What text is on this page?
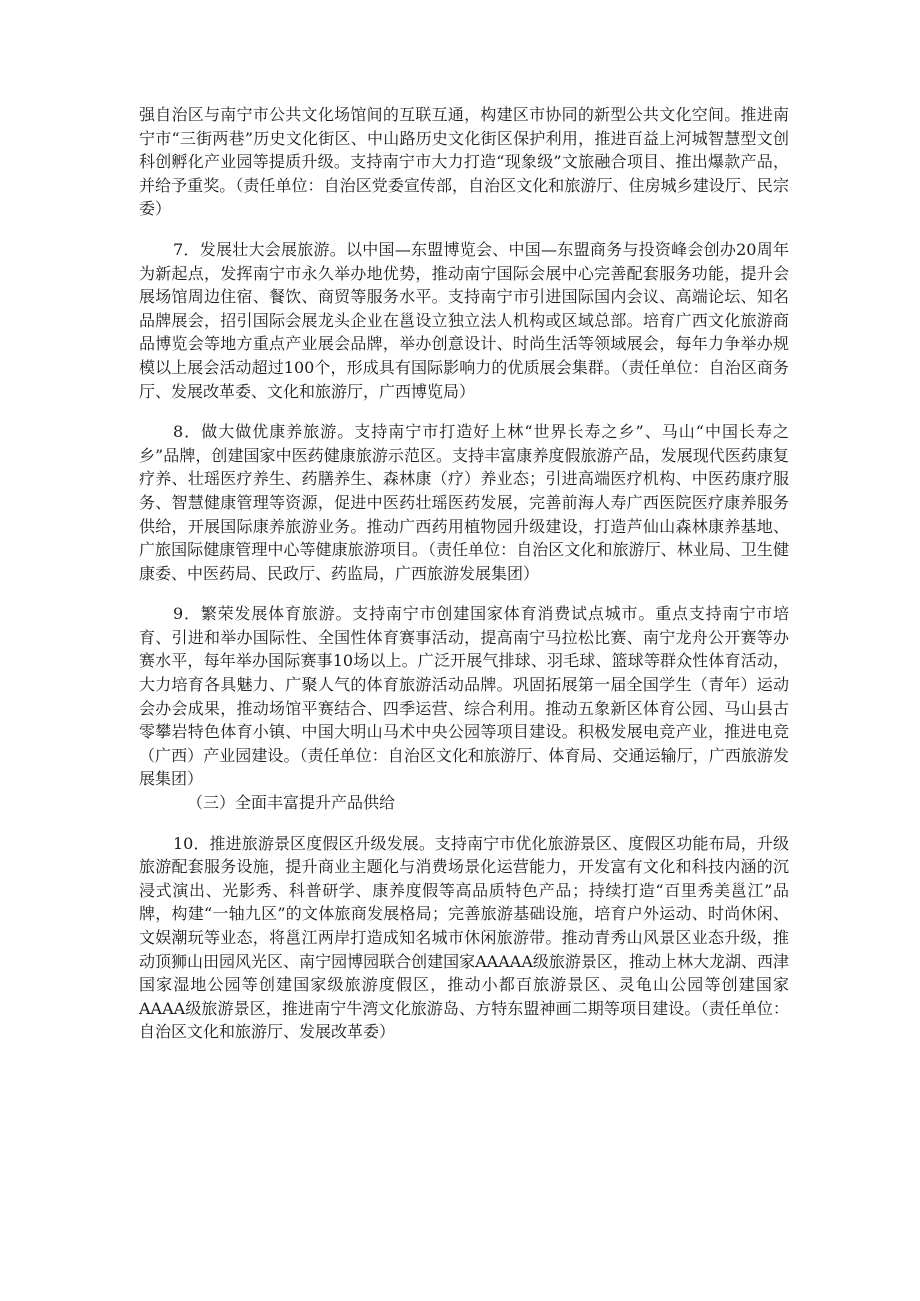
强自治区与南宁市公共文化场馆间的互联互通，构建区市协同的新型公共文化空间。推进南宁市“三街两巷”历史文化街区、中山路历史文化街区保护利用，推进百益上河城智慧型文创科创孵化产业园等提质升级。支持南宁市大力打造“现象级”文旅融合项目、推出爆款产品，并给予重奖。（责任单位：自治区党委宣传部，自治区文化和旅游厅、住房城乡建设厅、民宗委）

7．发展壮大会展旅游。以中国—东盟博览会、中国—东盟商务与投资峰会创办20周年为新起点，发挥南宁市永久举办地优势，推动南宁国际会展中心完善配套服务功能，提升会展场馆周边住宿、餐饮、商贸等服务水平。支持南宁市引进国际国内会议、高端论坛、知名品牌展会，招引国际会展龙头企业在邕设立独立法人机构或区域总部。培育广西文化旅游商品博览会等地方重点产业展会品牌，举办创意设计、时尚生活等领域展会，每年力争举办规模以上展会活动超过100个，形成具有国际影响力的优质展会集群。（责任单位：自治区商务厅、发展改革委、文化和旅游厅，广西博览局）

8．做大做优康养旅游。支持南宁市打造好上林“世界长寿之乡”、马山“中国长寿之乡”品牌，创建国家中医药健康旅游示范区。支持丰富康养度假旅游产品，发展现代医药康复疗养、壮瑶医疗养生、药膳养生、森林康（疗）养业态；引进高端医疗机构、中医药康疗服务、智慧健康管理等资源，促进中医药壮瑶医药发展，完善前海人寿广西医院医疗康养服务供给，开展国际康养旅游业务。推动广西药用植物园升级建设，打造芦仙山森林康养基地、广旅国际健康管理中心等健康旅游项目。（责任单位：自治区文化和旅游厅、林业局、卫生健康委、中医药局、民政厅、药监局，广西旅游发展集团）

9．繁荣发展体育旅游。支持南宁市创建国家体育消费试点城市。重点支持南宁市培育、引进和举办国际性、全国性体育赛事活动，提高南宁马拉松比赛、南宁龙舟公开赛等办赛水平，每年举办国际赛事10场以上。广泛开展气排球、羽毛球、篮球等群众性体育活动，大力培育各具魅力、广聚人气的体育旅游活动品牌。巩固拓展第一届全国学生（青年）运动会办会成果，推动场馆平赛结合、四季运营、综合利用。推动五象新区体育公园、马山县古零攀岩特色体育小镇、中国大明山马术中央公园等项目建设。积极发展电竞产业，推进电竞（广西）产业园建设。（责任单位：自治区文化和旅游厅、体育局、交通运输厅，广西旅游发展集团）

（三）全面丰富提升产品供给

10．推进旅游景区度假区升级发展。支持南宁市优化旅游景区、度假区功能布局，升级旅游配套服务设施，提升商业主题化与消费场景化运营能力，开发富有文化和科技内涵的沉浸式演出、光影秀、科普研学、康养度假等高品质特色产品；持续打造“百里秀美邕江”品牌，构建“一轴九区”的文体旅商发展格局；完善旅游基础设施，培育户外运动、时尚休闲、文娱潮玩等业态，将邕江两岸打造成知名城市休闲旅游带。推动青秀山风景区业态升级，推动顶狮山田园风光区、南宁园博园联合创建国家AAAAA级旅游景区，推动上林大龙湖、西津国家湿地公园等创建国家级旅游度假区，推动小都百旅游景区、灵龟山公园等创建国家AAAA级旅游景区，推进南宁牛湾文化旅游岛、方特东盟神画二期等项目建设。（责任单位：自治区文化和旅游厅、发展改革委）
